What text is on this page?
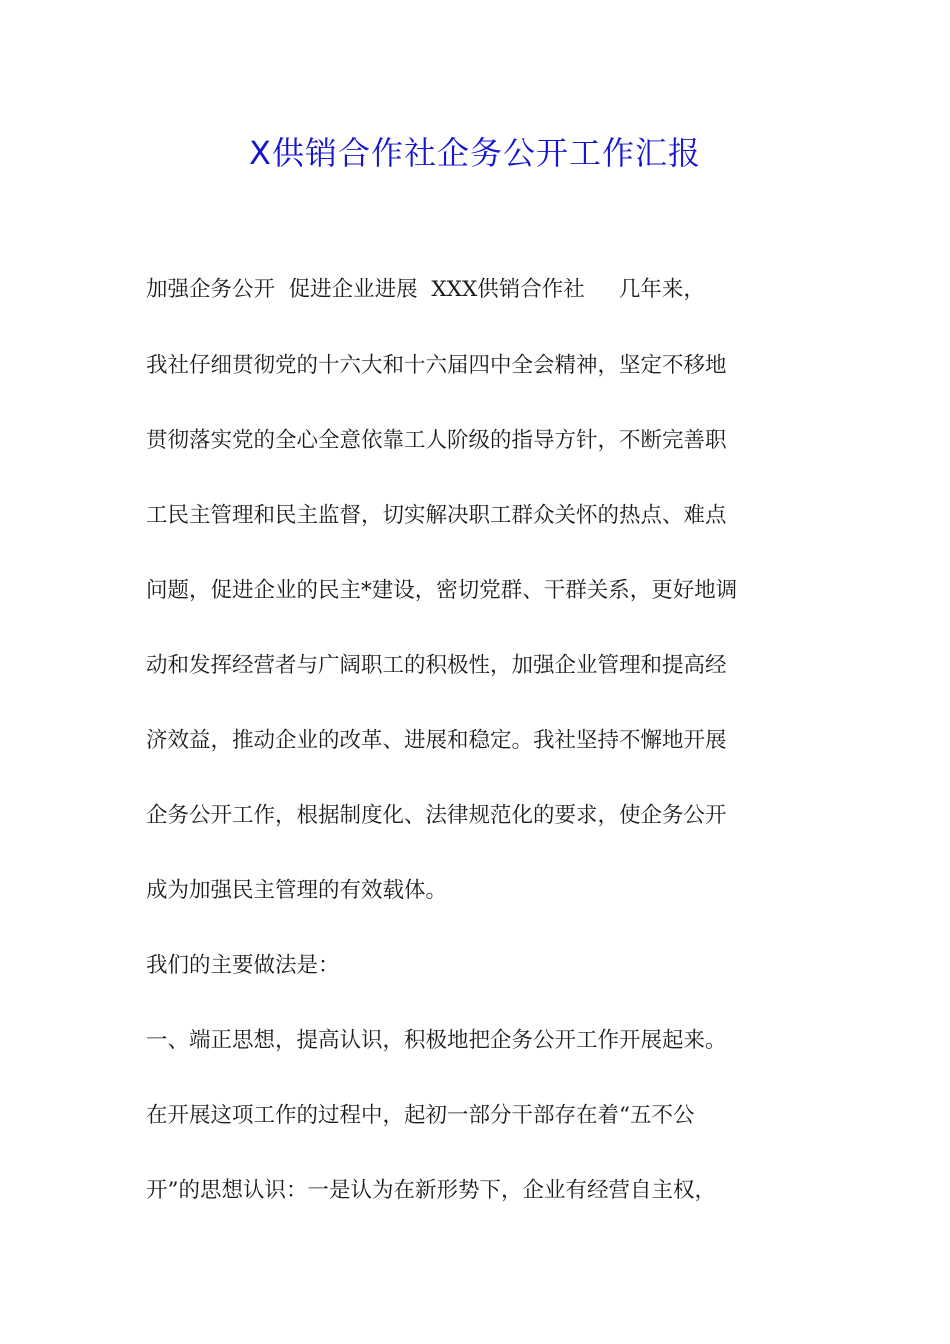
X供销合作社企务公开工作汇报

加强企务公开  促进企业进展  XXX供销合作社     几年来，

我社仔细贯彻党的十六大和十六届四中全会精神，坚定不移地

贯彻落实党的全心全意依靠工人阶级的指导方针，不断完善职

工民主管理和民主监督，切实解决职工群众关怀的热点、难点

问题，促进企业的民主*建设，密切党群、干群关系，更好地调

动和发挥经营者与广阔职工的积极性，加强企业管理和提高经

济效益，推动企业的改革、进展和稳定。我社坚持不懈地开展

企务公开工作，根据制度化、法律规范化的要求，使企务公开

成为加强民主管理的有效载体。

我们的主要做法是：

一、端正思想，提高认识，积极地把企务公开工作开展起来。

在开展这项工作的过程中，起初一部分干部存在着“五不公

开”的思想认识：一是认为在新形势下，企业有经营自主权，
